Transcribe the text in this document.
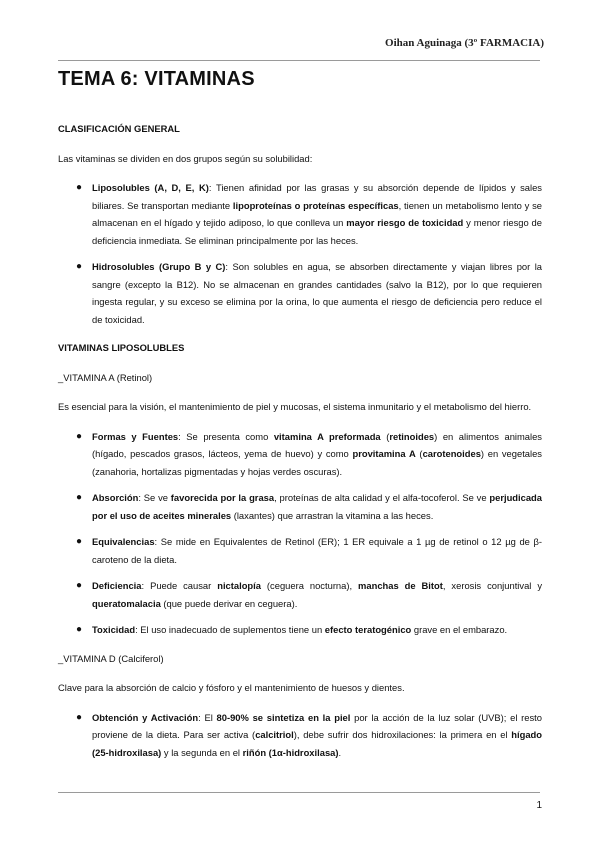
Oihan Aguinaga (3º FARMACIA)
TEMA 6: VITAMINAS
CLASIFICACIÓN GENERAL

Las vitaminas se dividen en dos grupos según su solubilidad:

● Liposolubles (A, D, E, K): Tienen afinidad por las grasas y su absorción depende de lípidos y sales biliares. Se transportan mediante lipoproteínas o proteínas específicas, tienen un metabolismo lento y se almacenan en el hígado y tejido adiposo, lo que conlleva un mayor riesgo de toxicidad y menor riesgo de deficiencia inmediata. Se eliminan principalmente por las heces.
● Hidrosolubles (Grupo B y C): Son solubles en agua, se absorben directamente y viajan libres por la sangre (excepto la B12). No se almacenan en grandes cantidades (salvo la B12), por lo que requieren ingesta regular, y su exceso se elimina por la orina, lo que aumenta el riesgo de deficiencia pero reduce el de toxicidad.
VITAMINAS LIPOSOLUBLES
_VITAMINA A (Retinol)

Es esencial para la visión, el mantenimiento de piel y mucosas, el sistema inmunitario y el metabolismo del hierro.

● Formas y Fuentes: Se presenta como vitamina A preformada (retinoides) en alimentos animales (hígado, pescados grasos, lácteos, yema de huevo) y como provitamina A (carotenoides) en vegetales (zanahoria, hortalizas pigmentadas y hojas verdes oscuras).
● Absorción: Se ve favorecida por la grasa, proteínas de alta calidad y el alfa-tocoferol. Se ve perjudicada por el uso de aceites minerales (laxantes) que arrastran la vitamina a las heces.
● Equivalencias: Se mide en Equivalentes de Retinol (ER); 1 ER equivale a 1 µg de retinol o 12 µg de β-caroteno de la dieta.
● Deficiencia: Puede causar nictalopía (ceguera nocturna), manchas de Bitot, xerosis conjuntival y queratomalacia (que puede derivar en ceguera).
● Toxicidad: El uso inadecuado de suplementos tiene un efecto teratogénico grave en el embarazo.
_VITAMINA D (Calciferol)

Clave para la absorción de calcio y fósforo y el mantenimiento de huesos y dientes.

● Obtención y Activación: El 80-90% se sintetiza en la piel por la acción de la luz solar (UVB); el resto proviene de la dieta. Para ser activa (calcitriol), debe sufrir dos hidroxilaciones: la primera en el hígado (25-hidroxilasa) y la segunda en el riñón (1α-hidroxilasa).
1
